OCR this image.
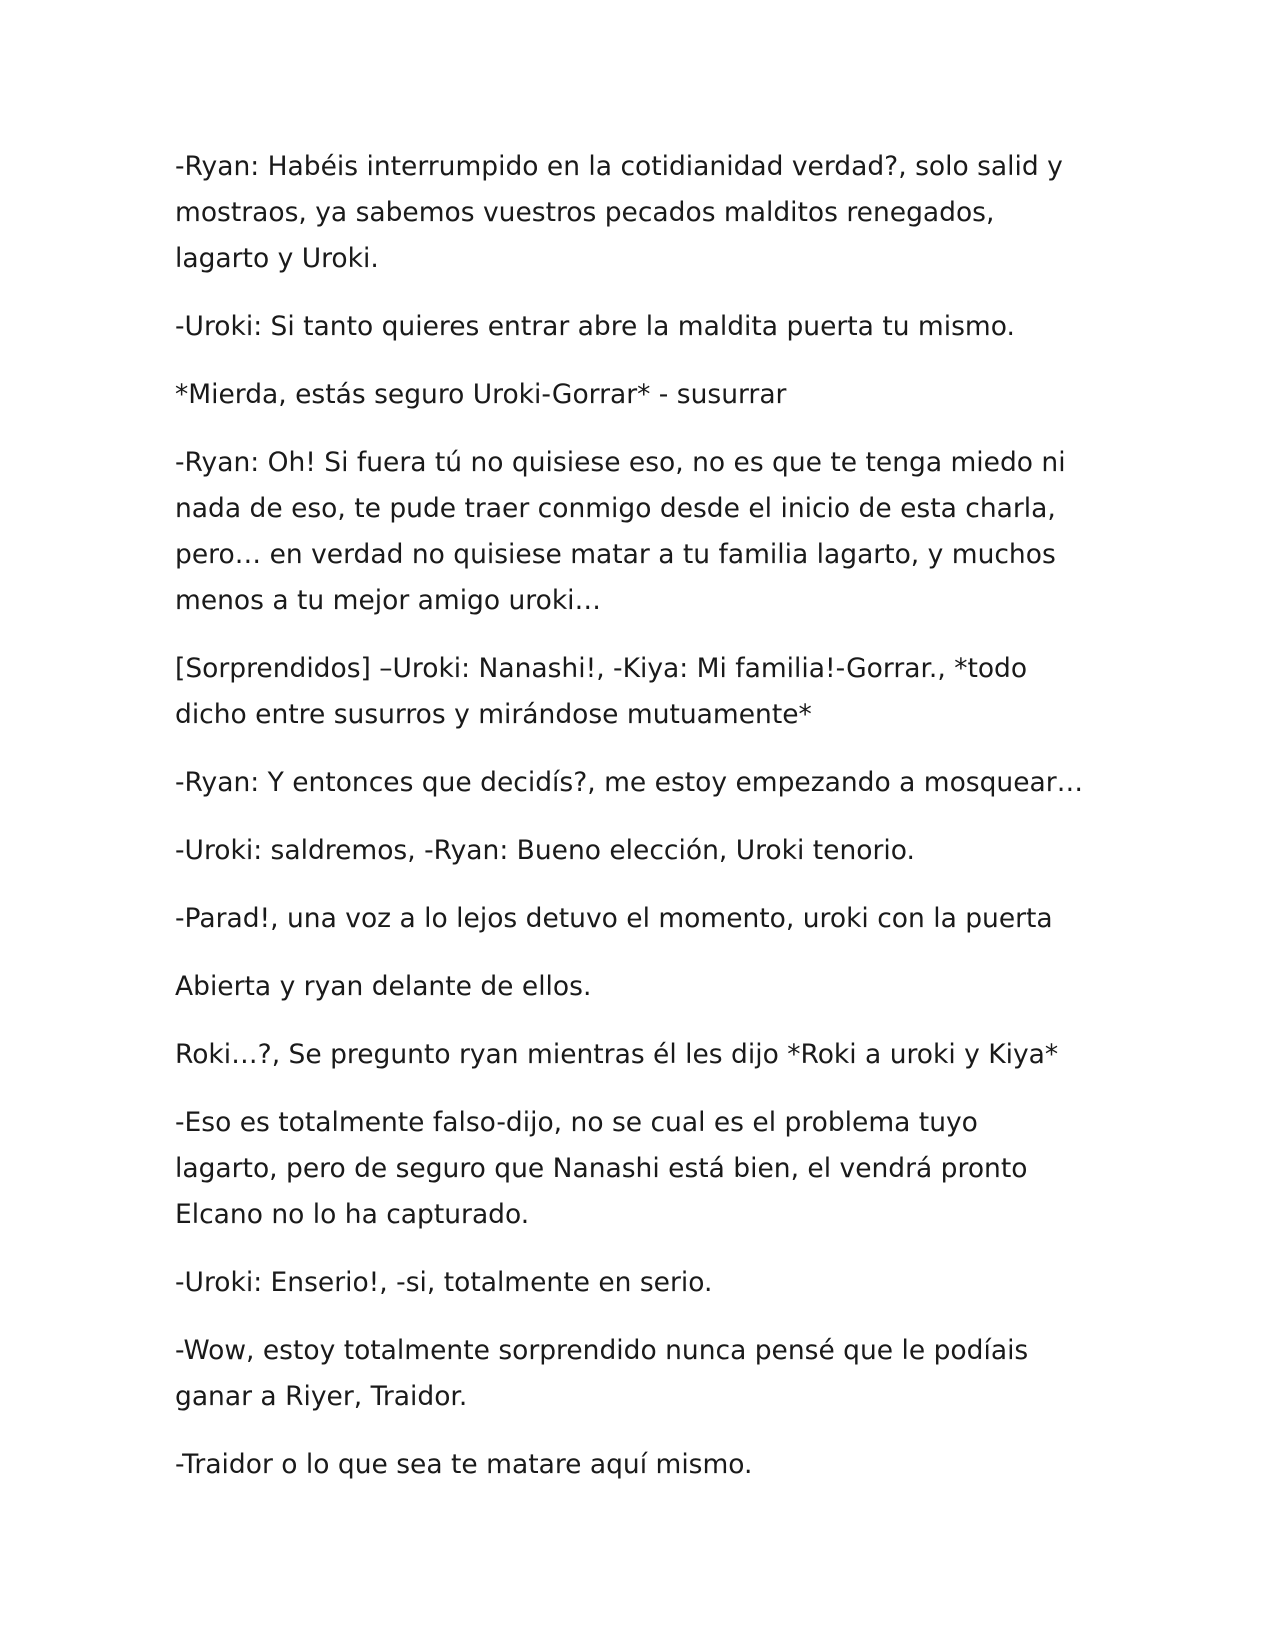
-Ryan: Habéis interrumpido en la cotidianidad verdad?, solo salid y
mostraos, ya sabemos vuestros pecados malditos renegados,
lagarto y Uroki.

-Uroki: Si tanto quieres entrar abre la maldita puerta tu mismo.

*Mierda, estás seguro Uroki-Gorrar* - susurrar

-Ryan: Oh! Si fuera tú no quisiese eso, no es que te tenga miedo ni
nada de eso, te pude traer conmigo desde el inicio de esta charla,
pero… en verdad no quisiese matar a tu familia lagarto, y muchos
menos a tu mejor amigo uroki…

[Sorprendidos] –Uroki: Nanashi!, -Kiya: Mi familia!-Gorrar., *todo
dicho entre susurros y mirándose mutuamente*

-Ryan: Y entonces que decidís?, me estoy empezando a mosquear…

-Uroki: saldremos, -Ryan: Bueno elección, Uroki tenorio.

-Parad!, una voz a lo lejos detuvo el momento, uroki con la puerta

Abierta y ryan delante de ellos.

Roki…?, Se pregunto ryan mientras él les dijo *Roki a uroki y Kiya*

-Eso es totalmente falso-dijo, no se cual es el problema tuyo
lagarto, pero de seguro que Nanashi está bien, el vendrá pronto
Elcano no lo ha capturado.

-Uroki: Enserio!, -si, totalmente en serio.

-Wow, estoy totalmente sorprendido nunca pensé que le podíais
ganar a Riyer, Traidor.

-Traidor o lo que sea te matare aquí mismo.
